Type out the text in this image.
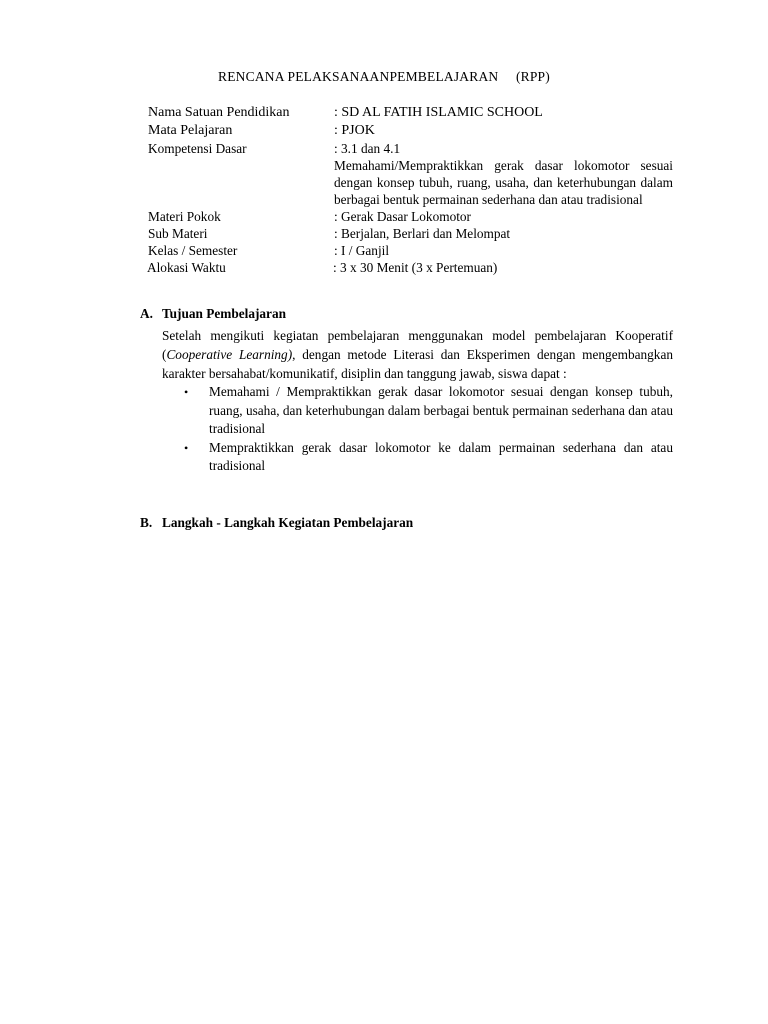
RENCANA PELAKSANAANPEMBELAJARAN (RPP)
Nama Satuan Pendidikan	: SD AL FATIH ISLAMIC SCHOOL
Mata Pelajaran	: PJOK
Kompetensi Dasar	: 3.1 dan 4.1
Memahami/Mempraktikkan gerak dasar lokomotor sesuai dengan konsep tubuh, ruang, usaha, dan keterhubungan dalam berbagai bentuk permainan sederhana dan atau tradisional
Materi Pokok	: Gerak Dasar Lokomotor
Sub Materi	: Berjalan, Berlari dan Melompat
Kelas / Semester	: I / Ganjil
Alokasi Waktu	: 3 x 30 Menit (3 x Pertemuan)
A. Tujuan Pembelajaran
Setelah mengikuti kegiatan pembelajaran menggunakan model pembelajaran Kooperatif (Cooperative Learning), dengan metode Literasi dan Eksperimen dengan mengembangkan karakter bersahabat/komunikatif, disiplin dan tanggung jawab, siswa dapat :
•	Memahami / Mempraktikkan gerak dasar lokomotor sesuai dengan konsep tubuh, ruang, usaha, dan keterhubungan dalam berbagai bentuk permainan sederhana dan atau tradisional
•	Mempraktikkan gerak dasar lokomotor ke dalam permainan sederhana dan atau tradisional
B. Langkah - Langkah Kegiatan Pembelajaran
